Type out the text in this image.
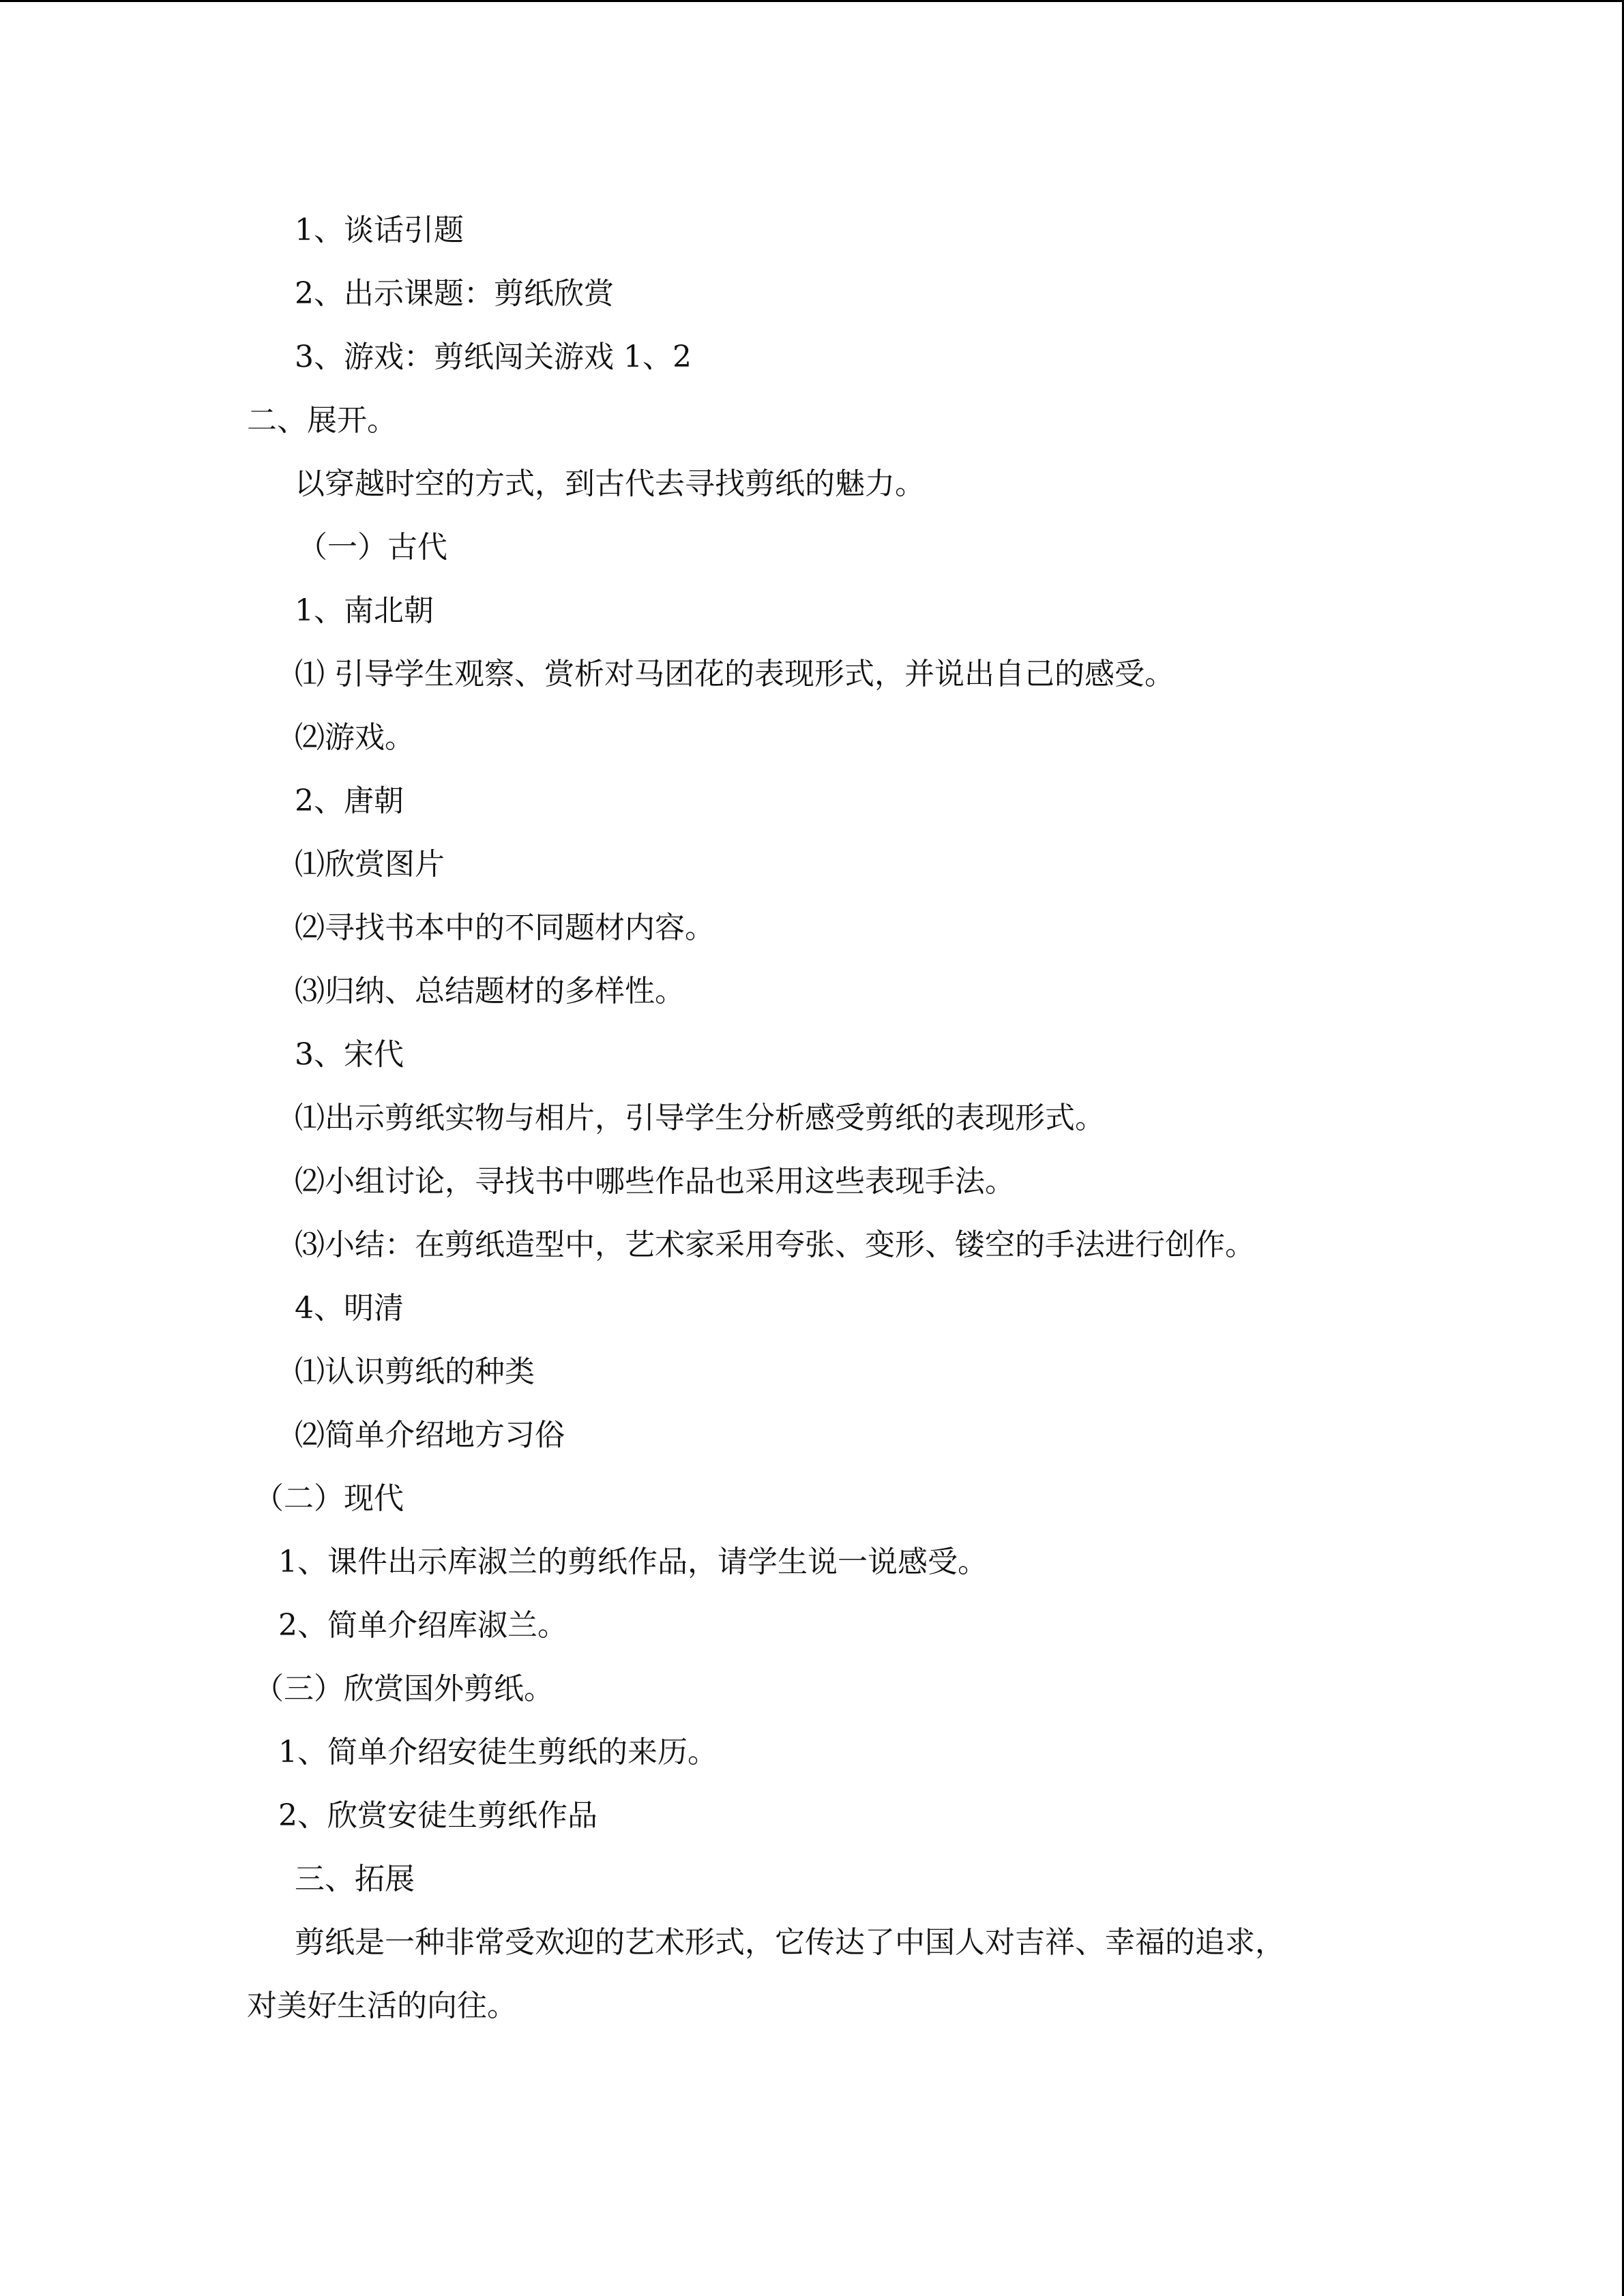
1、谈话引题
2、出示课题：剪纸欣赏
3、游戏：剪纸闯关游戏 1、2
二、展开。
以穿越时空的方式，到古代去寻找剪纸的魅力。
（一）古代
1、南北朝
⑴ 引导学生观察、赏析对马团花的表现形式，并说出自己的感受。
⑵游戏。
2、唐朝
⑴欣赏图片
⑵寻找书本中的不同题材内容。
⑶归纳、总结题材的多样性。
3、宋代
⑴出示剪纸实物与相片，引导学生分析感受剪纸的表现形式。
⑵小组讨论，寻找书中哪些作品也采用这些表现手法。
⑶小结：在剪纸造型中，艺术家采用夸张、变形、镂空的手法进行创作。
4、明清
⑴认识剪纸的种类
⑵简单介绍地方习俗
（二）现代
1、课件出示库淑兰的剪纸作品，请学生说一说感受。
2、简单介绍库淑兰。
（三）欣赏国外剪纸。
1、简单介绍安徒生剪纸的来历。
2、欣赏安徒生剪纸作品
三、拓展
剪纸是一种非常受欢迎的艺术形式，它传达了中国人对吉祥、幸福的追求，
对美好生活的向往。
